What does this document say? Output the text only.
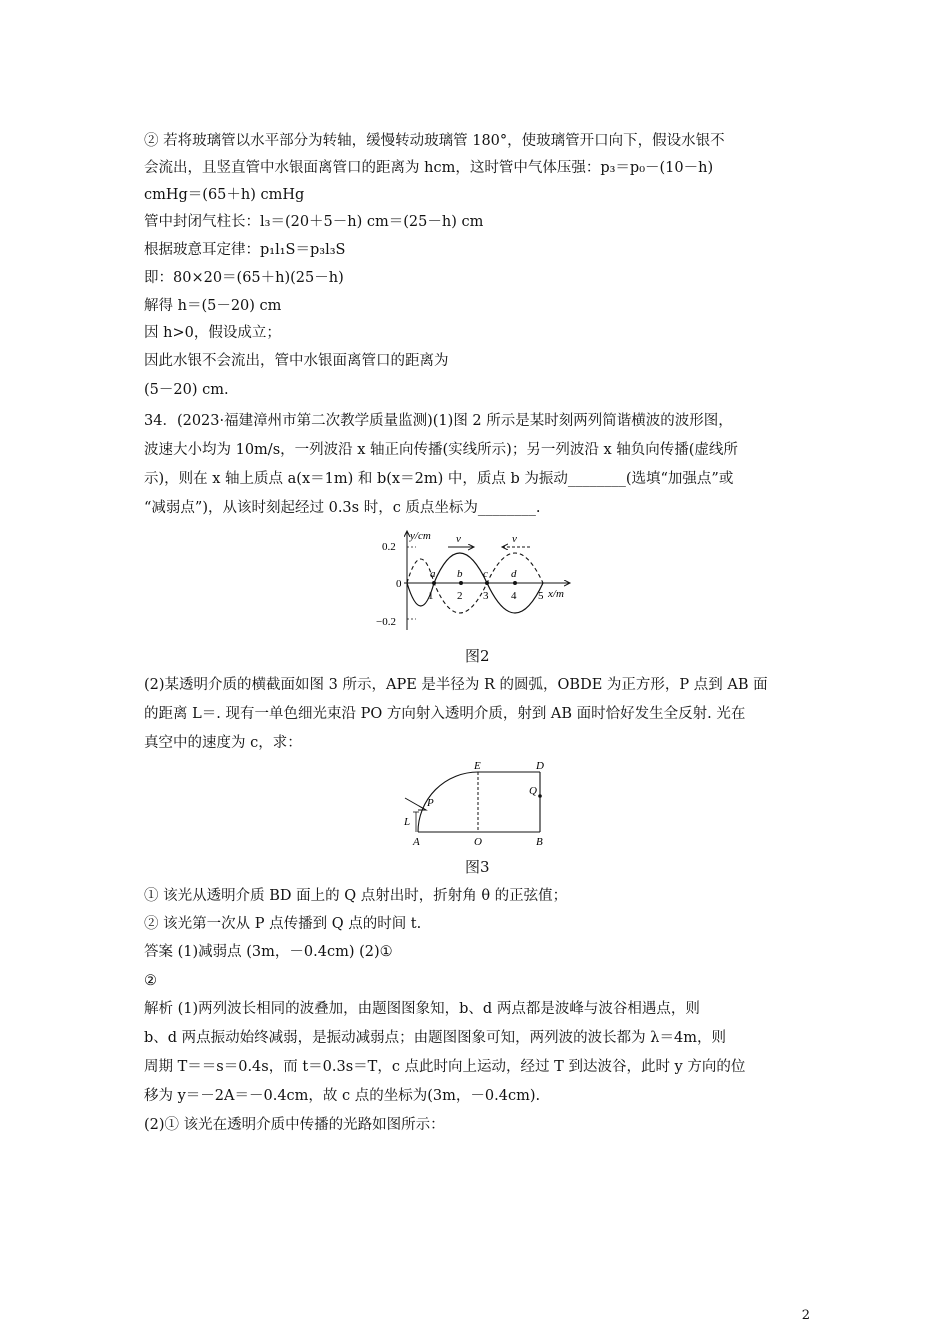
② 若将玻璃管以水平部分为转轴，缓慢转动玻璃管 180°，使玻璃管开口向下，假设水银不
会流出，且竖直管中水银面离管口的距离为 hcm，这时管中气体压强：p₃＝p₀－(10－h)
cmHg＝(65＋h) cmHg
管中封闭气柱长：l₃＝(20＋5－h) cm＝(25－h) cm
根据玻意耳定律：p₁l₁S＝p₃l₃S
即：80×20＝(65＋h)(25－h)
解得 h＝(5－20) cm
因 h>0，假设成立；
因此水银不会流出，管中水银面离管口的距离为
(5－20) cm.
34．(2023·福建漳州市第二次教学质量监测)(1)图 2 所示是某时刻两列简谐横波的波形图，
波速大小均为 10m/s，一列波沿 x 轴正向传播(实线所示)；另一列波沿 x 轴负向传播(虚线所
示)，则在 x 轴上质点 a(x＝1m) 和 b(x＝2m) 中，质点 b 为振动________(选填“加强点”或
“减弱点”)，从该时刻起经过 0.3s 时，c 质点坐标为________.
y/cm
x/m
0.2
0
−0.2
1 2 3 4 5
a b c d
v	v
图2
(2)某透明介质的横截面如图 3 所示，APE 是半径为 R 的圆弧，OBDE 为正方形，P 点到 AB 面
的距离 L＝. 现有一单色细光束沿 PO 方向射入透明介质，射到 AB 面时恰好发生全反射. 光在
真空中的速度为 c，求：
E	D
P
Q
L
A	O	B
图3
① 该光从透明介质 BD 面上的 Q 点射出时，折射角 θ 的正弦值；
② 该光第一次从 P 点传播到 Q 点的时间 t.
答案 (1)减弱点 (3m，－0.4cm) (2)①
②
解析 (1)两列波长相同的波叠加，由题图图象知，b、d 两点都是波峰与波谷相遇点，则
b、d 两点振动始终减弱，是振动减弱点；由题图图象可知，两列波的波长都为 λ＝4m，则
周期 T＝＝s＝0.4s，而 t＝0.3s＝T，c 点此时向上运动，经过 T 到达波谷，此时 y 方向的位
移为 y＝－2A＝－0.4cm，故 c 点的坐标为(3m，－0.4cm).
(2)① 该光在透明介质中传播的光路如图所示：
2
